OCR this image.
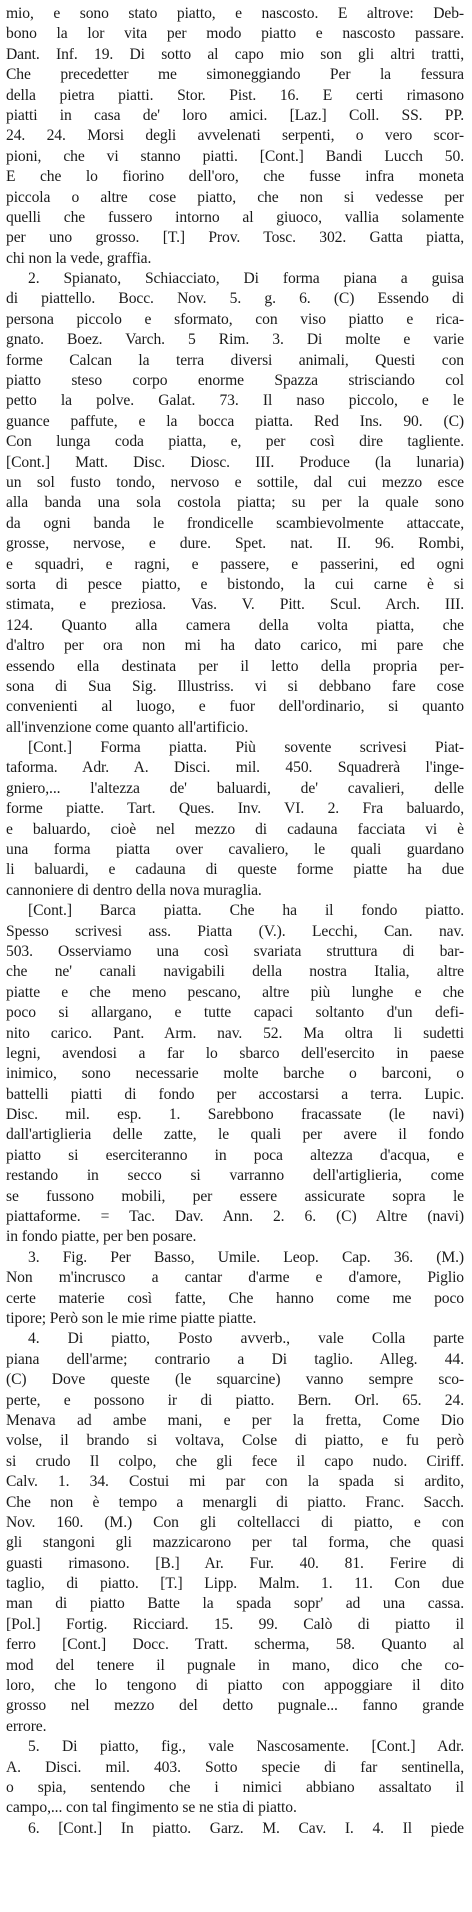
mio, e sono stato piatto, e nascosto. E altrove: Deb-
bono la lor vita per modo piatto e nascosto passare.
Dant. Inf. 19. Di sotto al capo mio son gli altri tratti,
Che precedetter me simoneggiando Per la fessura
della pietra piatti. Stor. Pist. 16. E certi rimasono
piatti in casa de' loro amici. [Laz.] Coll. SS. PP.
24. 24. Morsi degli avvelenati serpenti, o vero scor-
pioni, che vi stanno piatti. [Cont.] Bandi Lucch 50.
E che lo fiorino dell'oro, che fusse infra moneta
piccola o altre cose piatto, che non si vedesse per
quelli che fussero intorno al giuoco, vallia solamente
per uno grosso. [T.] Prov. Tosc. 302. Gatta piatta,
chi non la vede, graffia.
2. Spianato, Schiacciato, Di forma piana a guisa
di piattello. Bocc. Nov. 5. g. 6. (C) Essendo di
persona piccolo e sformato, con viso piatto e rica-
gnato. Boez. Varch. 5 Rim. 3. Di molte e varie
forme Calcan la terra diversi animali, Questi con
piatto steso corpo enorme Spazza strisciando col
petto la polve. Galat. 73. Il naso piccolo, e le
guance paffute, e la bocca piatta. Red Ins. 90. (C)
Con lunga coda piatta, e, per così dire tagliente.
[Cont.] Matt. Disc. Diosc. III. Produce (la lunaria)
un sol fusto tondo, nervoso e sottile, dal cui mezzo esce
alla banda una sola costola piatta; su per la quale sono
da ogni banda le frondicelle scambievolmente attaccate,
grosse, nervose, e dure. Spet. nat. II. 96. Rombi,
e squadri, e ragni, e passere, e passerini, ed ogni
sorta di pesce piatto, e bistondo, la cui carne è si
stimata, e preziosa. Vas. V. Pitt. Scul. Arch. III.
124. Quanto alla camera della volta piatta, che
d'altro per ora non mi ha dato carico, mi pare che
essendo ella destinata per il letto della propria per-
sona di Sua Sig. Illustriss. vi si debbano fare cose
convenienti al luogo, e fuor dell'ordinario, si quanto
all'invenzione come quanto all'artificio.
[Cont.] Forma piatta. Più sovente scrivesi Piat-
taforma. Adr. A. Disci. mil. 450. Squadrerà l'inge-
gniero,... l'altezza de' baluardi, de' cavalieri, delle
forme piatte. Tart. Ques. Inv. VI. 2. Fra baluardo,
e baluardo, cioè nel mezzo di cadauna facciata vi è
una forma piatta over cavaliero, le quali guardano
li baluardi, e cadauna di queste forme piatte ha due
cannoniere di dentro della nova muraglia.
[Cont.] Barca piatta. Che ha il fondo piatto.
Spesso scrivesi ass. Piatta (V.). Lecchi, Can. nav.
503. Osserviamo una così svariata struttura di bar-
che ne' canali navigabili della nostra Italia, altre
piatte e che meno pescano, altre più lunghe e che
poco si allargano, e tutte capaci soltanto d'un defi-
nito carico. Pant. Arm. nav. 52. Ma oltra li sudetti
legni, avendosi a far lo sbarco dell'esercito in paese
inimico, sono necessarie molte barche o barconi, o
battelli piatti di fondo per accostarsi a terra. Lupic.
Disc. mil. esp. 1. Sarebbono fracassate (le navi)
dall'artiglieria delle zatte, le quali per avere il fondo
piatto si eserciteranno in poca altezza d'acqua, e
restando in secco si varranno dell'artiglieria, come
se fussono mobili, per essere assicurate sopra le
piattaforme. = Tac. Dav. Ann. 2. 6. (C) Altre (navi)
in fondo piatte, per ben posare.
3. Fig. Per Basso, Umile. Leop. Cap. 36. (M.)
Non m'incrusco a cantar d'arme e d'amore, Piglio
certe materie così fatte, Che hanno come me poco
tipore; Però son le mie rime piatte piatte.
4. Di piatto, Posto avverb., vale Colla parte
piana dell'arme; contrario a Di taglio. Alleg. 44.
(C) Dove queste (le squarcine) vanno sempre sco-
perte, e possono ir di piatto. Bern. Orl. 65. 24.
Menava ad ambe mani, e per la fretta, Come Dio
volse, il brando si voltava, Colse di piatto, e fu però
si crudo Il colpo, che gli fece il capo nudo. Ciriff.
Calv. 1. 34. Costui mi par con la spada si ardito,
Che non è tempo a menargli di piatto. Franc. Sacch.
Nov. 160. (M.) Con gli coltellacci di piatto, e con
gli stangoni gli mazzicarono per tal forma, che quasi
guasti rimasono. [B.] Ar. Fur. 40. 81. Ferire di
taglio, di piatto. [T.] Lipp. Malm. 1. 11. Con due
man di piatto Batte la spada sopr' ad una cassa.
[Pol.] Fortig. Ricciard. 15. 99. Calò di piatto il
ferro [Cont.] Docc. Tratt. scherma, 58. Quanto al
mod del tenere il pugnale in mano, dico che co-
loro, che lo tengono di piatto con appoggiare il dito
grosso nel mezzo del detto pugnale... fanno grande
errore.
5. Di piatto, fig., vale Nascosamente. [Cont.] Adr.
A. Disci. mil. 403. Sotto specie di far sentinella,
o spia, sentendo che i nimici abbiano assaltato il
campo,... con tal fingimento se ne stia di piatto.
6. [Cont.] In piatto. Garz. M. Cav. I. 4. Il piede
